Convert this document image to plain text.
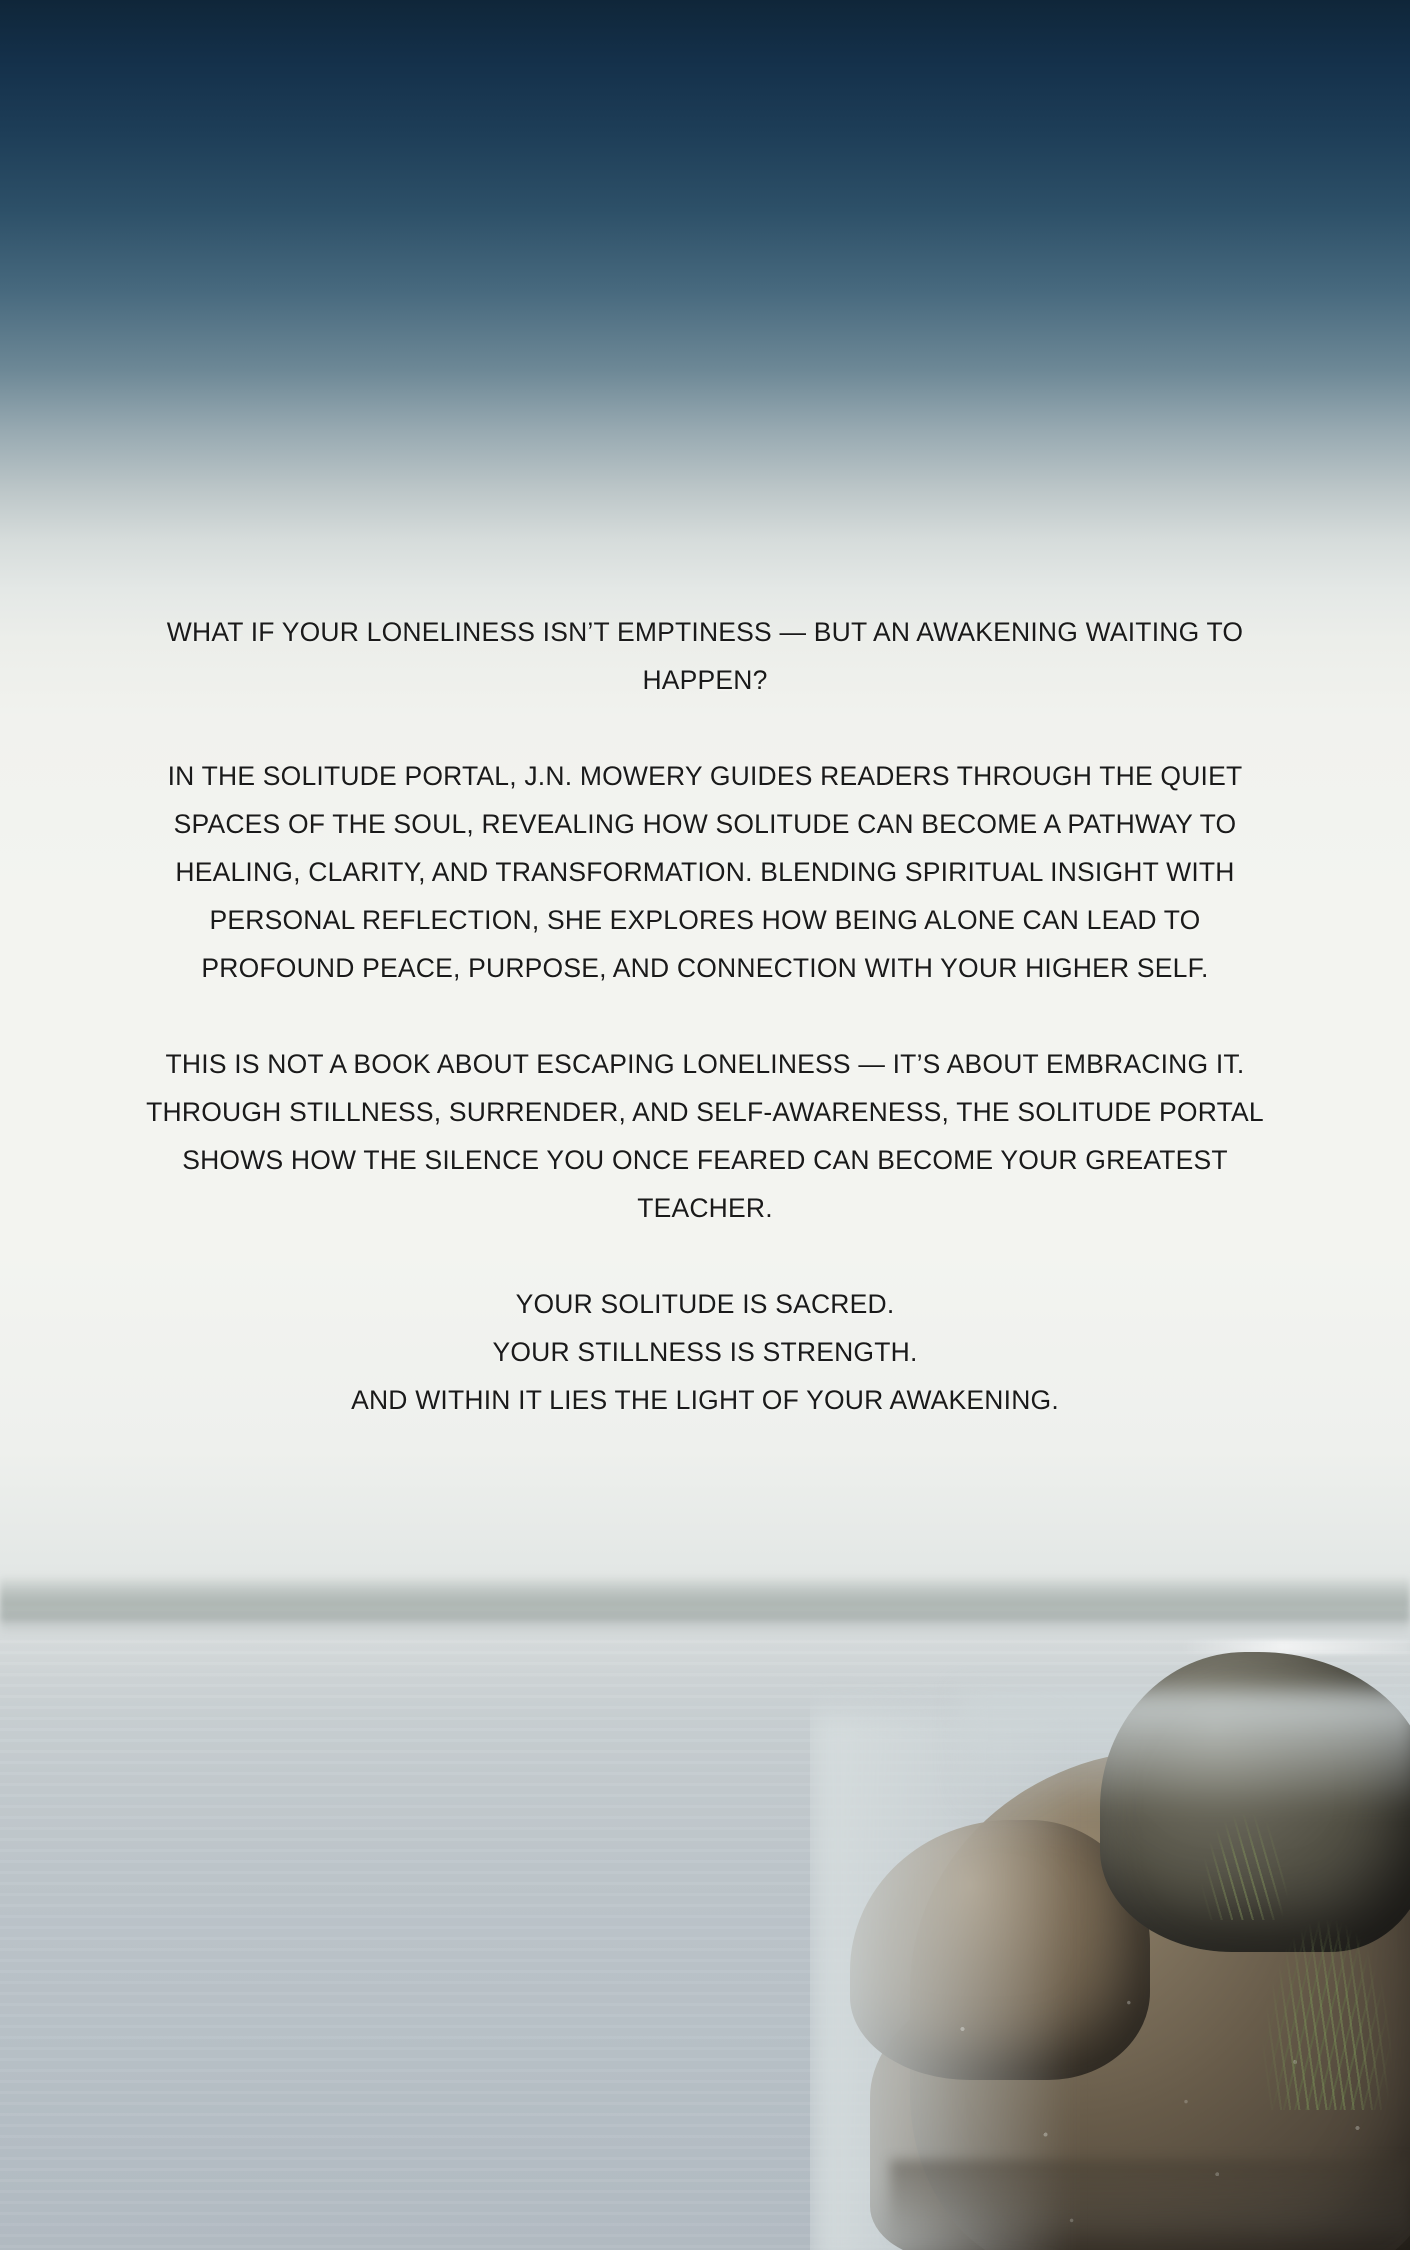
WHAT IF YOUR LONELINESS ISN’T EMPTINESS — BUT AN AWAKENING WAITING TO HAPPEN?

IN THE SOLITUDE PORTAL, J.N. MOWERY GUIDES READERS THROUGH THE QUIET SPACES OF THE SOUL, REVEALING HOW SOLITUDE CAN BECOME A PATHWAY TO HEALING, CLARITY, AND TRANSFORMATION. BLENDING SPIRITUAL INSIGHT WITH PERSONAL REFLECTION, SHE EXPLORES HOW BEING ALONE CAN LEAD TO PROFOUND PEACE, PURPOSE, AND CONNECTION WITH YOUR HIGHER SELF.

THIS IS NOT A BOOK ABOUT ESCAPING LONELINESS — IT’S ABOUT EMBRACING IT. THROUGH STILLNESS, SURRENDER, AND SELF-AWARENESS, THE SOLITUDE PORTAL SHOWS HOW THE SILENCE YOU ONCE FEARED CAN BECOME YOUR GREATEST TEACHER.

YOUR SOLITUDE IS SACRED.
YOUR STILLNESS IS STRENGTH.
AND WITHIN IT LIES THE LIGHT OF YOUR AWAKENING.
